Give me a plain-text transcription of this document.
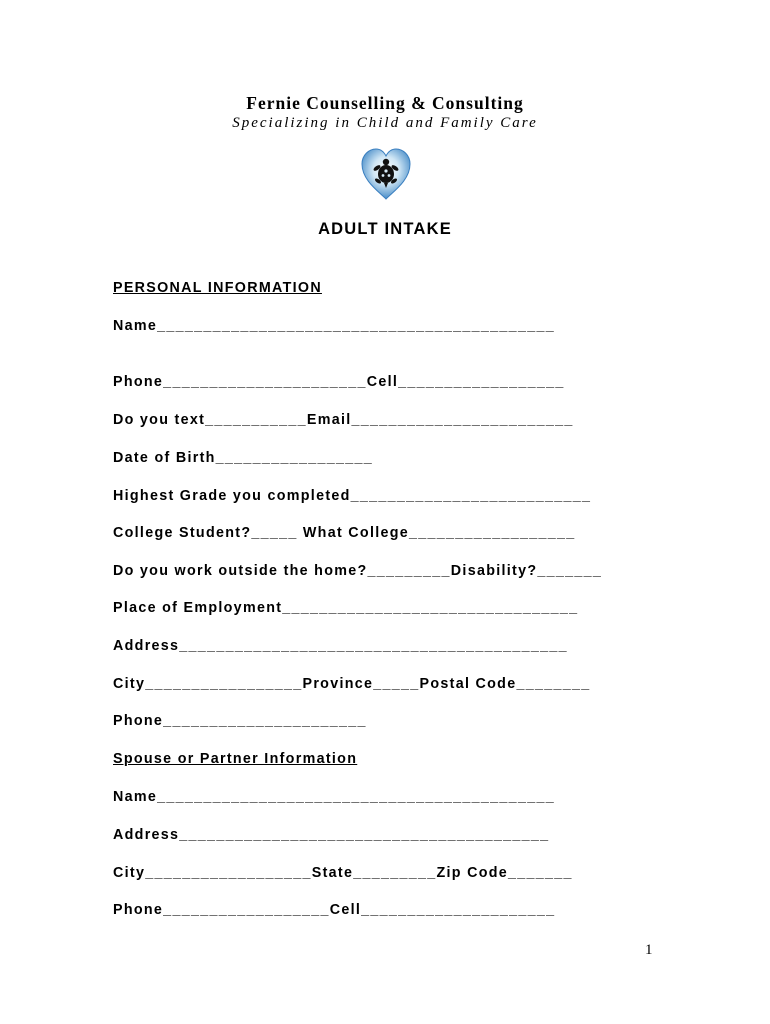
Fernie Counselling & Consulting
Specializing in Child and Family Care
ADULT INTAKE
PERSONAL INFORMATION
Name___________________________________________
Phone______________________Cell__________________
Do you text___________Email________________________
Date of Birth_________________
Highest Grade you completed__________________________
College Student?_____ What College__________________
Do you work outside the home?_________Disability?_______
Place of Employment________________________________
Address__________________________________________
City_________________Province_____Postal Code________
Phone______________________
Spouse or Partner Information
Name___________________________________________
Address________________________________________
City__________________State_________Zip Code_______
Phone__________________Cell_____________________
1
